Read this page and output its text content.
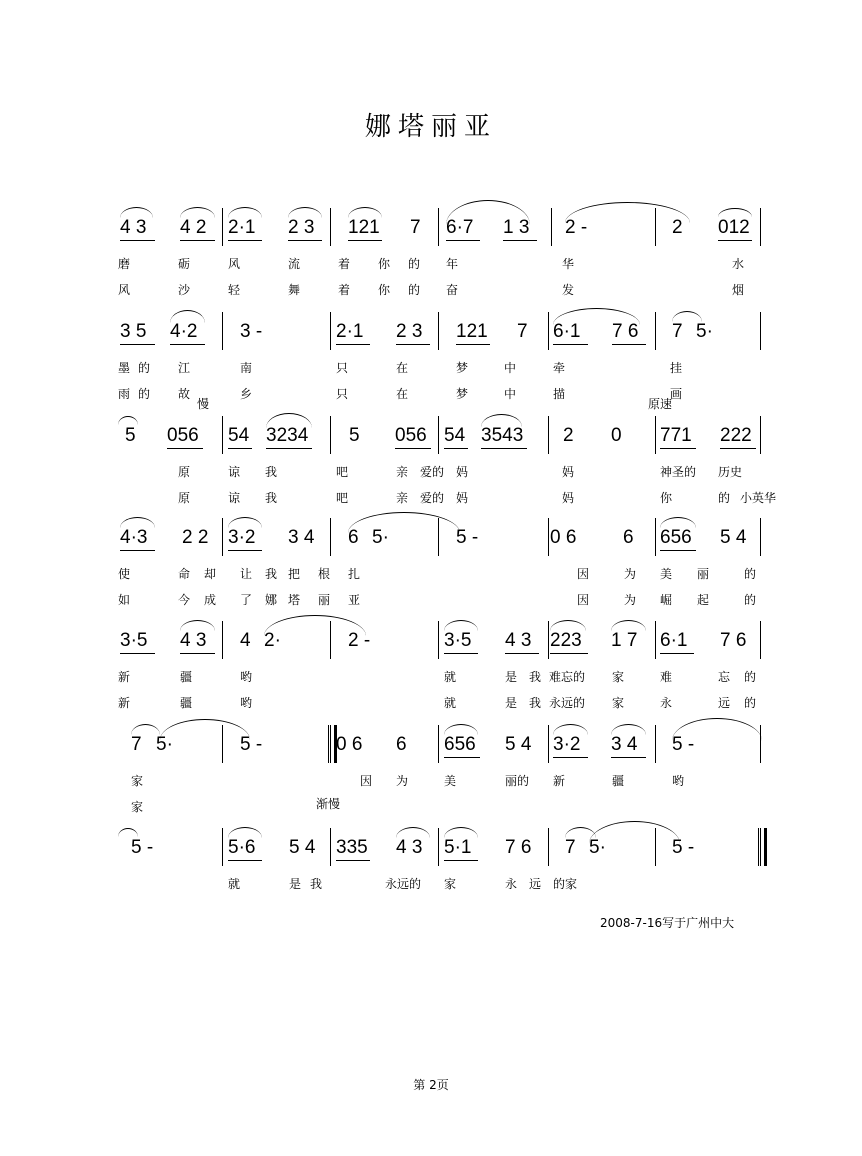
娜塔丽亚
4 3 4 2 2·1 2 3 121 7 6·7 1 3 2 -	2 012
磨	砺	风	流	着 你 的 年	华	水
风	沙	轻	舞	着 你 的 奋	发	烟
3 5 4·2 3 -	2·1 2 3 121 7 6·1 7 6 7 5·
墨 的 江	南	只	在	梦	中	牵	挂
雨 的 故	乡	只	在	梦	中	描	画
5 056 54 3234 5 056 54 3543 2 0 771 222
原	谅 我	吧	亲 爱的 妈	妈	神圣的 历史
原	谅 我	吧	亲 爱的 妈	妈	你	的 小英华
4·3 2 2 3·2 3 4 6 5·	5 -	0 6 6 656 5 4
使	命 却 让 我 把 根 扎	因	为 美 丽	的
如	今 成 了 娜 塔 丽 亚	因	为 崛 起	的
3·5 4 3 4 2·	2 -	3·5 4 3 223 1 7 6·1 7 6
新	疆	哟	就	是 我 难忘的 家	难	忘 的
新	疆	哟	就	是 我 永远的 家	永	远 的
7 5·	5 -	0 6 6 656 5 4 3·2 3 4 5 -
家	因 为	美	丽的 新	疆	哟
家
5 -	5·6 5 4 335 4 3 5·1 7 6 7 5·	5 -
就	是 我	永远的 家	永 远 的 家
慢	原速
渐慢
2008-7-16写于广州中大
第 2页
